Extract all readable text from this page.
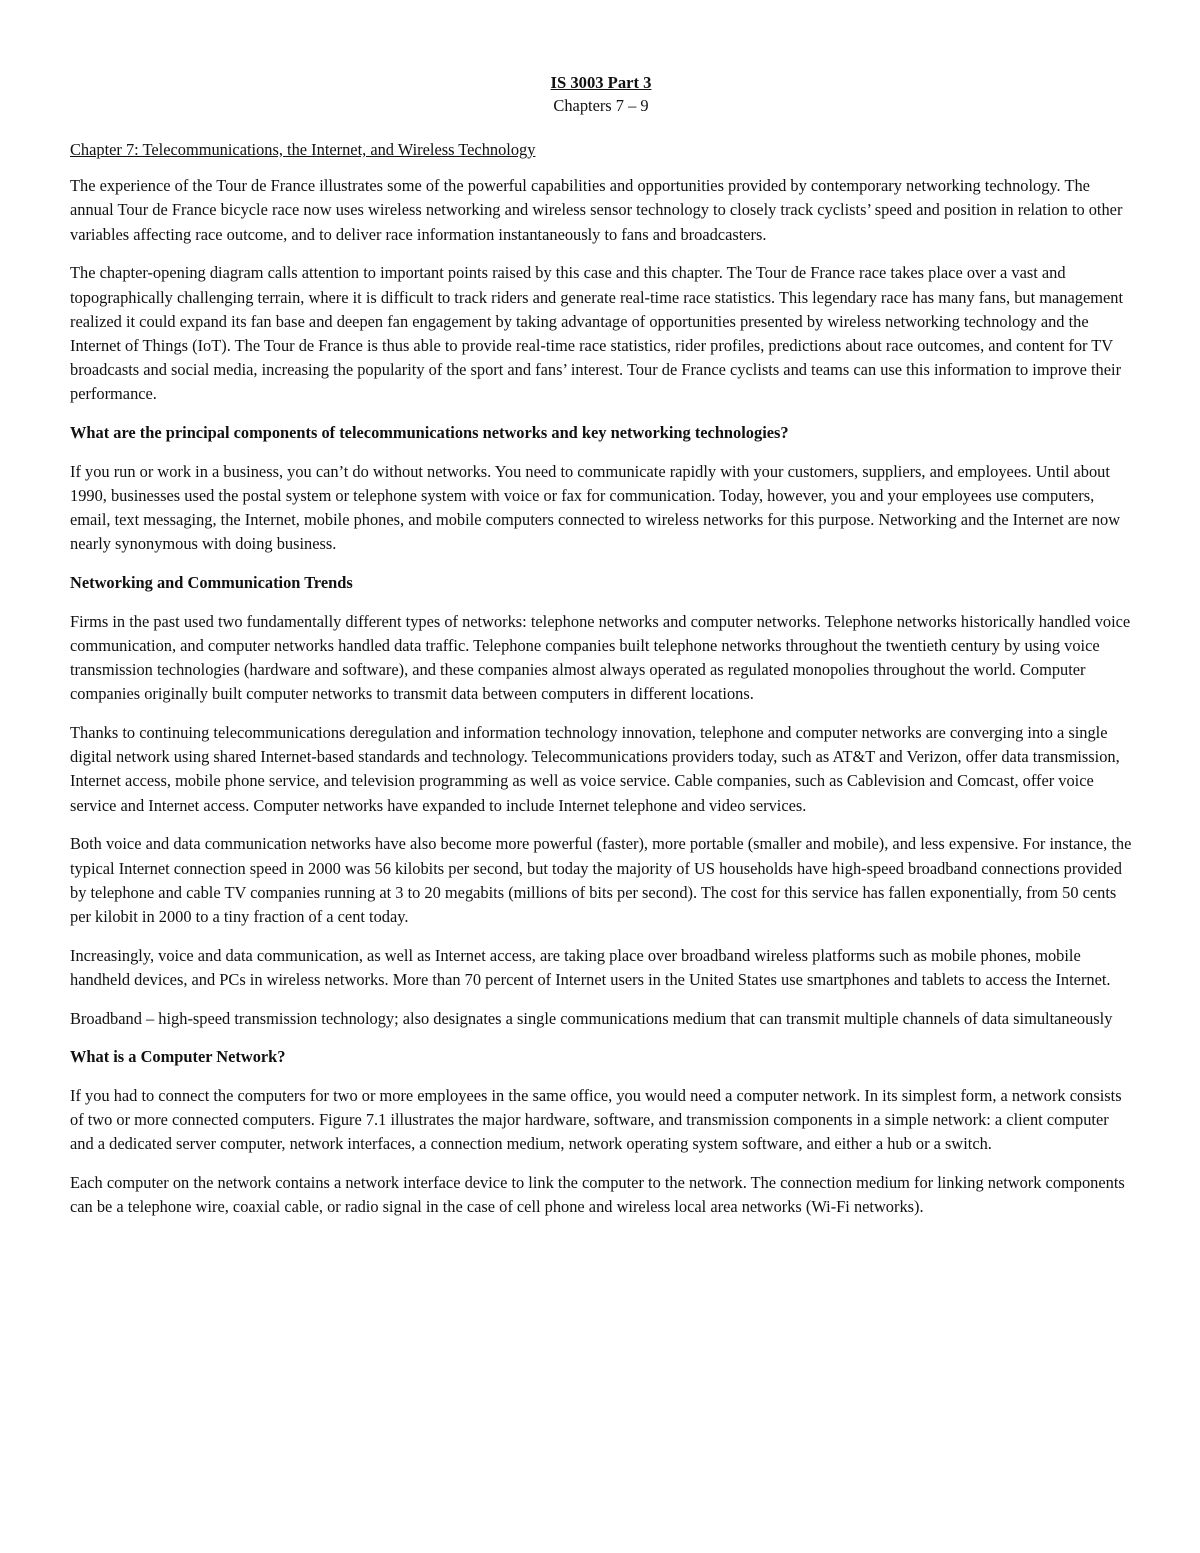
IS 3003 Part 3

Chapters 7 – 9

Chapter 7: Telecommunications, the Internet, and Wireless Technology

The experience of the Tour de France illustrates some of the powerful capabilities and opportunities provided by contemporary networking technology. The annual Tour de France bicycle race now uses wireless networking and wireless sensor technology to closely track cyclists’ speed and position in relation to other variables affecting race outcome, and to deliver race information instantaneously to fans and broadcasters.

The chapter-opening diagram calls attention to important points raised by this case and this chapter. The Tour de France race takes place over a vast and topographically challenging terrain, where it is difficult to track riders and generate real-time race statistics. This legendary race has many fans, but management realized it could expand its fan base and deepen fan engagement by taking advantage of opportunities presented by wireless networking technology and the Internet of Things (IoT). The Tour de France is thus able to provide real-time race statistics, rider profiles, predictions about race outcomes, and content for TV broadcasts and social media, increasing the popularity of the sport and fans’ interest. Tour de France cyclists and teams can use this information to improve their performance.

What are the principal components of telecommunications networks and key networking technologies?

If you run or work in a business, you can’t do without networks. You need to communicate rapidly with your customers, suppliers, and employees. Until about 1990, businesses used the postal system or telephone system with voice or fax for communication. Today, however, you and your employees use computers, email, text messaging, the Internet, mobile phones, and mobile computers connected to wireless networks for this purpose. Networking and the Internet are now nearly synonymous with doing business.

Networking and Communication Trends

Firms in the past used two fundamentally different types of networks: telephone networks and computer networks. Telephone networks historically handled voice communication, and computer networks handled data traffic. Telephone companies built telephone networks throughout the twentieth century by using voice transmission technologies (hardware and software), and these companies almost always operated as regulated monopolies throughout the world. Computer companies originally built computer networks to transmit data between computers in different locations.

Thanks to continuing telecommunications deregulation and information technology innovation, telephone and computer networks are converging into a single digital network using shared Internet-based standards and technology. Telecommunications providers today, such as AT&T and Verizon, offer data transmission, Internet access, mobile phone service, and television programming as well as voice service. Cable companies, such as Cablevision and Comcast, offer voice service and Internet access. Computer networks have expanded to include Internet telephone and video services.

Both voice and data communication networks have also become more powerful (faster), more portable (smaller and mobile), and less expensive. For instance, the typical Internet connection speed in 2000 was 56 kilobits per second, but today the majority of US households have high-speed broadband connections provided by telephone and cable TV companies running at 3 to 20 megabits (millions of bits per second). The cost for this service has fallen exponentially, from 50 cents per kilobit in 2000 to a tiny fraction of a cent today.

Increasingly, voice and data communication, as well as Internet access, are taking place over broadband wireless platforms such as mobile phones, mobile handheld devices, and PCs in wireless networks. More than 70 percent of Internet users in the United States use smartphones and tablets to access the Internet.

Broadband – high-speed transmission technology; also designates a single communications medium that can transmit multiple channels of data simultaneously

What is a Computer Network?

If you had to connect the computers for two or more employees in the same office, you would need a computer network. In its simplest form, a network consists of two or more connected computers. Figure 7.1 illustrates the major hardware, software, and transmission components in a simple network: a client computer and a dedicated server computer, network interfaces, a connection medium, network operating system software, and either a hub or a switch.

Each computer on the network contains a network interface device to link the computer to the network. The connection medium for linking network components can be a telephone wire, coaxial cable, or radio signal in the case of cell phone and wireless local area networks (Wi-Fi networks).
